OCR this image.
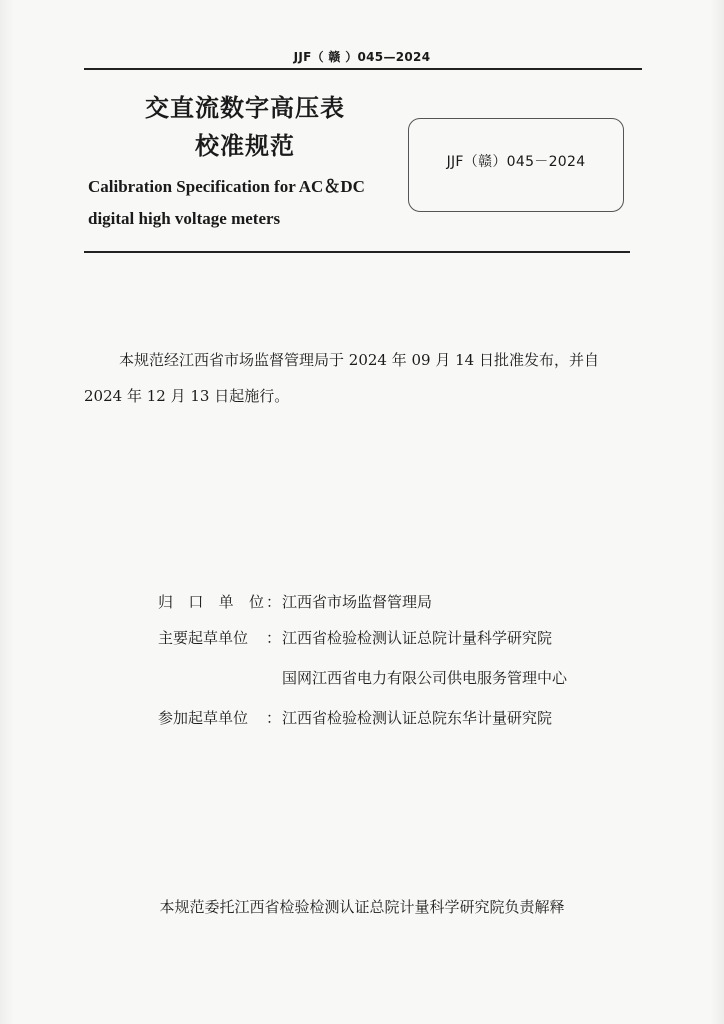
JJF（ 赣 ）045—2024
交直流数字高压表
校准规范
Calibration Specification for AC＆DC
digital high voltage meters
JJF（赣）045－2024
本规范经江西省市场监督管理局于 2024 年 09 月 14 日批准发布，并自
2024 年 12 月 13 日起施行。
归 口 单 位 ： 江西省市场监督管理局
主要起草单位	： 江西省检验检测认证总院计量科学研究院
国网江西省电力有限公司供电服务管理中心
参加起草单位	： 江西省检验检测认证总院东华计量研究院
本规范委托江西省检验检测认证总院计量科学研究院负责解释
